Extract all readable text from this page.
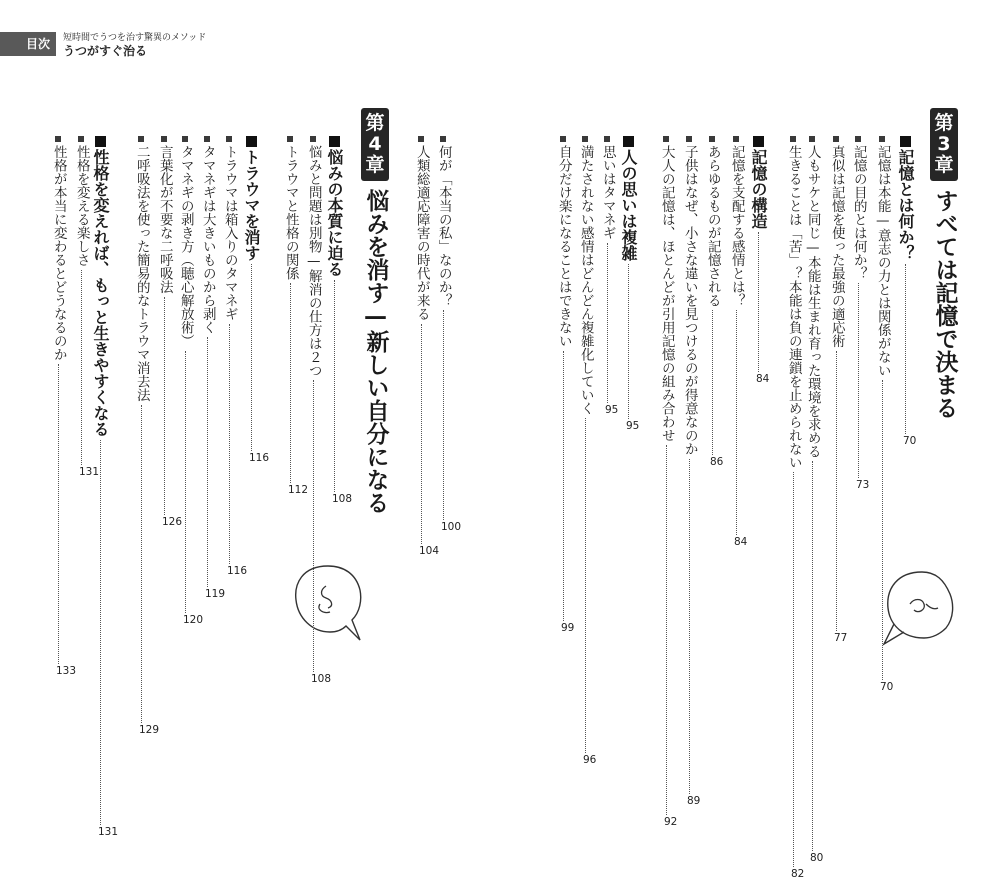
目次	短時間でうつを治す驚異のメソッド
うつがすぐ治る
第
3
章
すべては記憶で決まる
記憶とは何か？
70
記憶は本能—意志の力とは関係がない
70
記憶の目的とは何か？
73
真似は記憶を使った最強の適応術
77
人もサケと同じ—本能は生まれ育った環境を求める
80
生きることは「苦」？本能は負の連鎖を止められない
82
記憶の構造
84
記憶を支配する感情とは？
84
あらゆるものが記憶される
86
子供はなぜ、小さな違いを見つけるのが得意なのか
89
大人の記憶は、ほとんどが引用記憶の組み合わせ
92
人の思いは複雑
95
思いはタマネギ
95
満たされない感情はどんどん複雑化していく
96
自分だけ楽になることはできない
99
何が「本当の私」なのか？
100
人類総適応障害の時代が来る
104
第
4
章
悩みを消す—新しい自分になる
悩みの本質に迫る
108
悩みと問題は別物—解消の仕方は２つ
108
トラウマと性格の関係
112
トラウマを消す
116
トラウマは箱入りのタマネギ
116
タマネギは大きいものから剥く
119
タマネギの剥き方（聴心解放術）
120
言葉化が不要な二呼吸法
126
二呼吸法を使った簡易的なトラウマ消去法
129
性格を変えれば、もっと生きやすくなる
131
性格を変える楽しさ
131
性格が本当に変わるとどうなるのか
133
